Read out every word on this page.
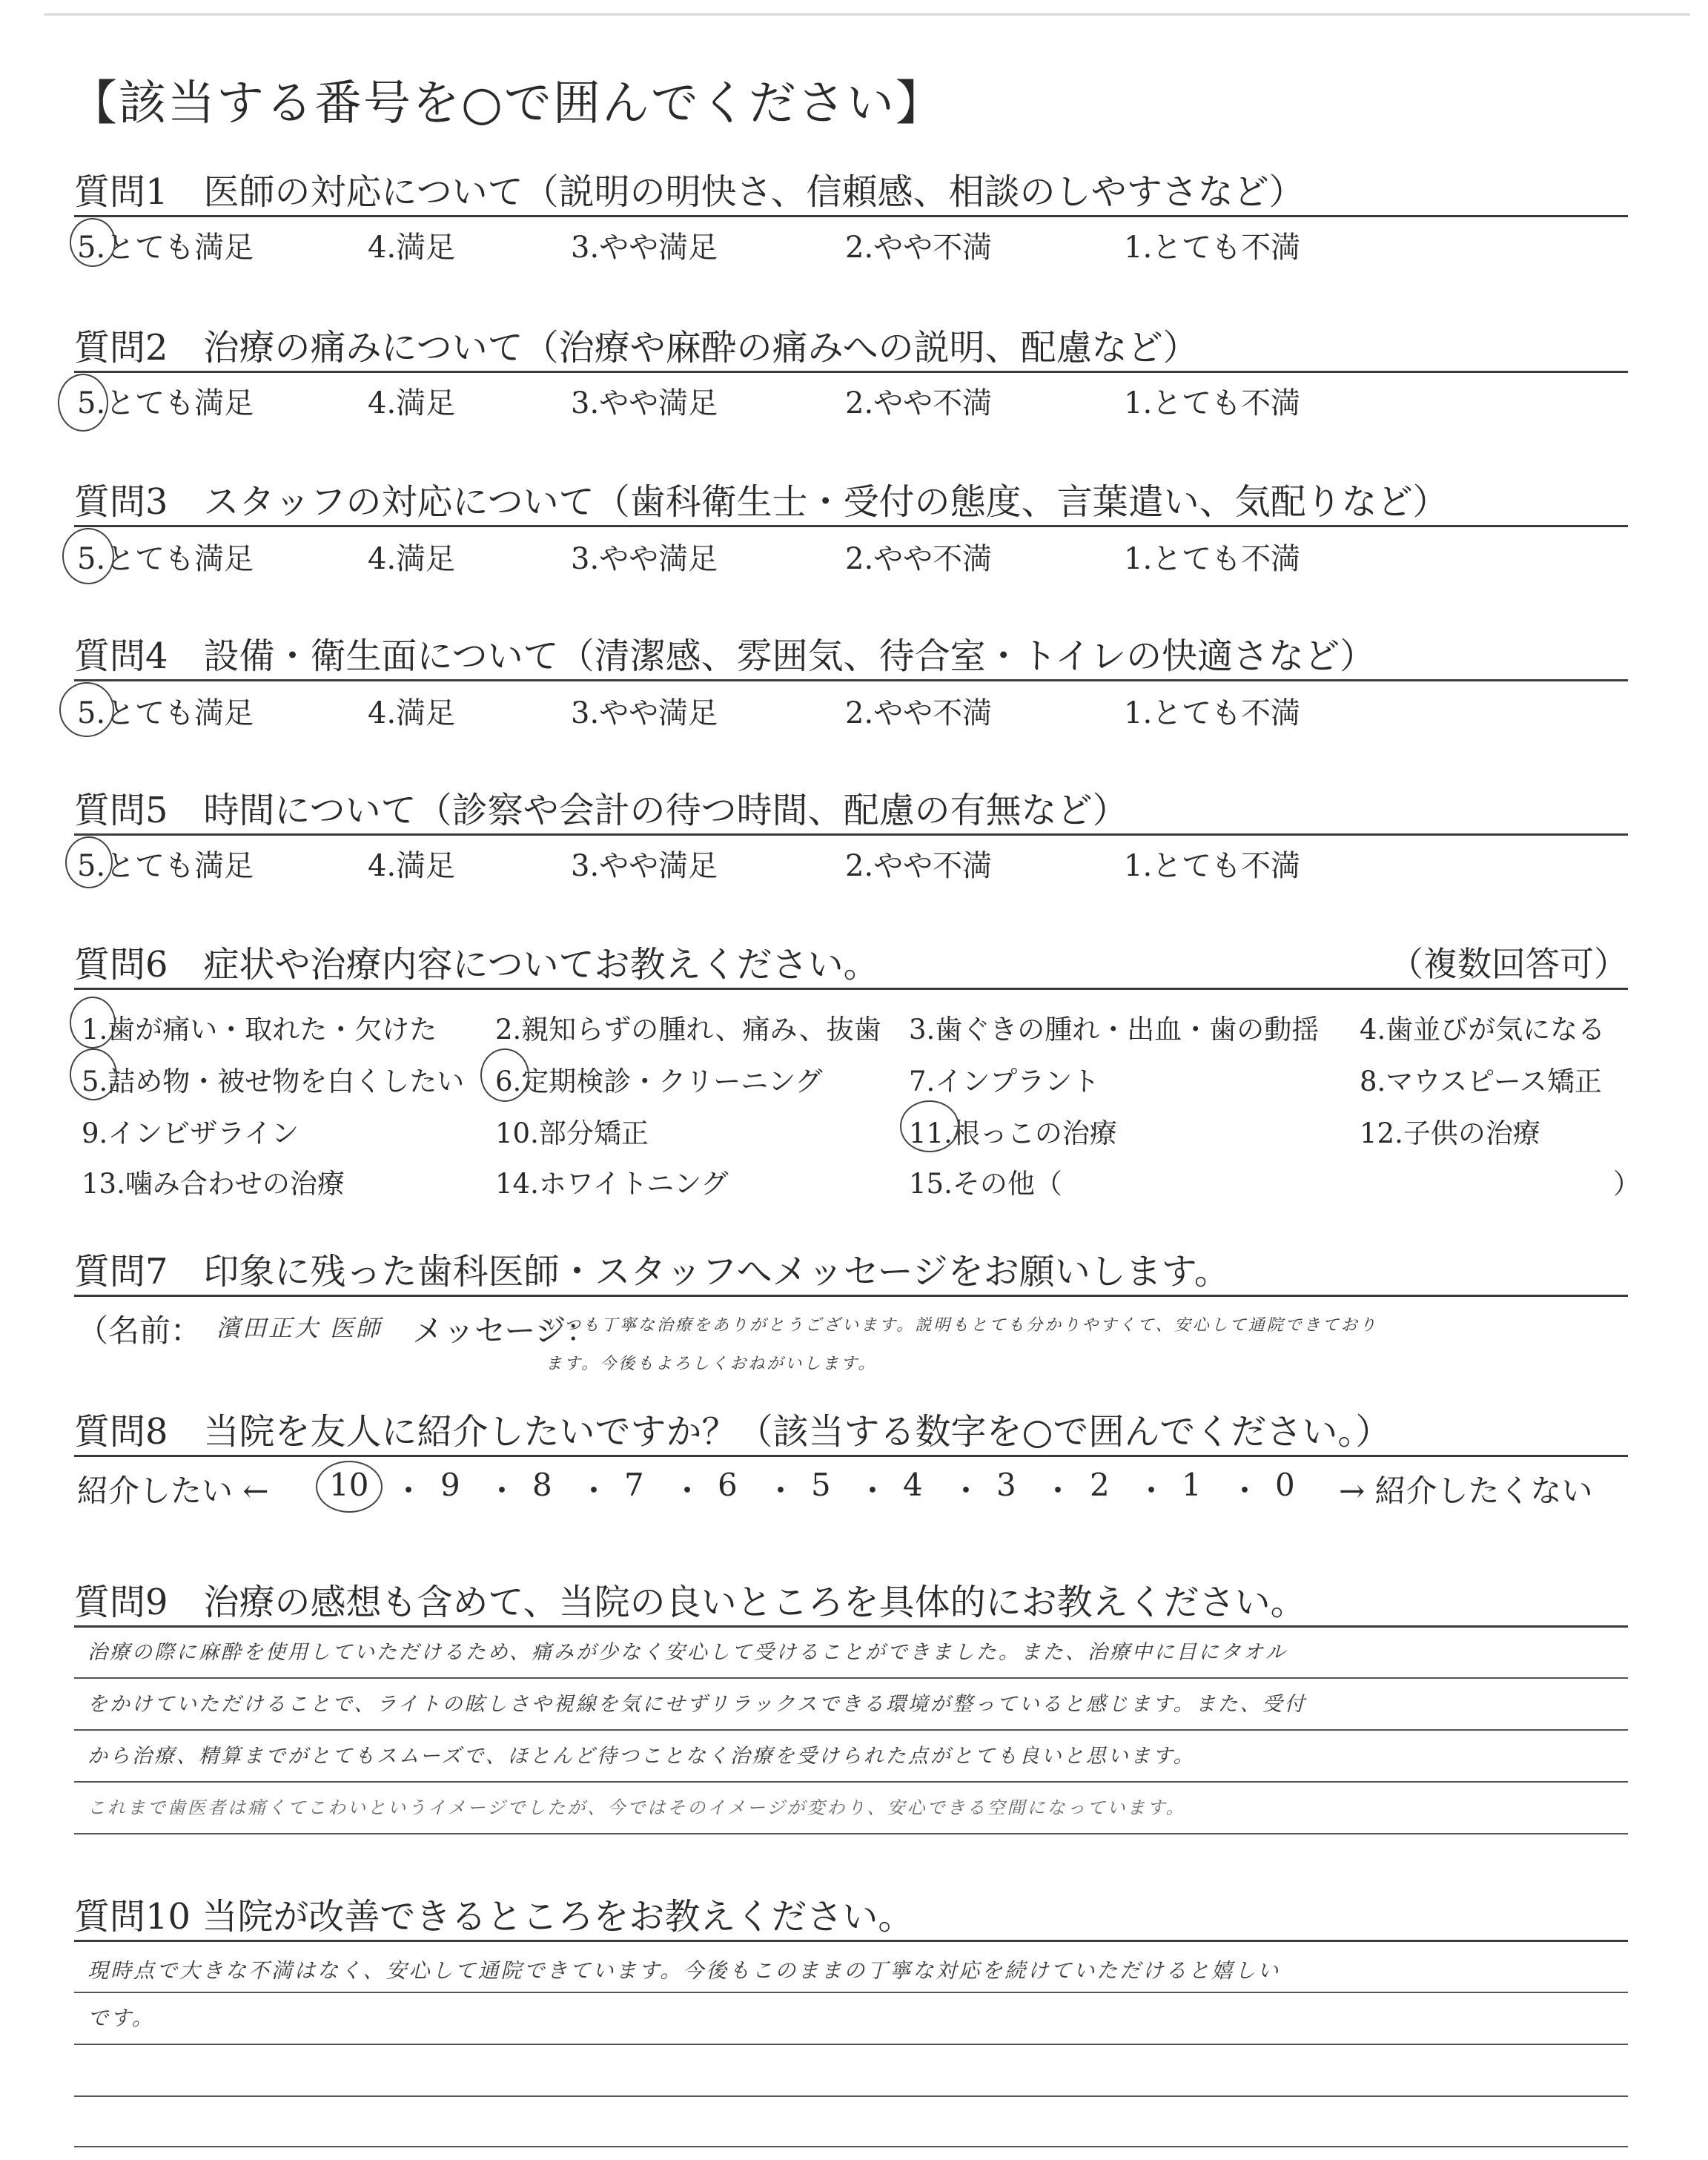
【該当する番号を○で囲んでください】
質問1　医師の対応について（説明の明快さ、信頼感、相談のしやすさなど）
5.とても満足	4.満足	3.やや満足	2.やや不満	1.とても不満
質問2　治療の痛みについて（治療や麻酔の痛みへの説明、配慮など）
5.とても満足	4.満足	3.やや満足	2.やや不満	1.とても不満
質問3　スタッフの対応について（歯科衛生士・受付の態度、言葉遣い、気配りなど）
5.とても満足	4.満足	3.やや満足	2.やや不満	1.とても不満
質問4　設備・衛生面について（清潔感、雰囲気、待合室・トイレの快適さなど）
5.とても満足	4.満足	3.やや満足	2.やや不満	1.とても不満
質問5　時間について（診察や会計の待つ時間、配慮の有無など）
5.とても満足	4.満足	3.やや満足	2.やや不満	1.とても不満
質問6　症状や治療内容についてお教えください。	（複数回答可）
1.歯が痛い・取れた・欠けた 2.親知らずの腫れ、痛み、抜歯 3.歯ぐきの腫れ・出血・歯の動揺 4.歯並びが気になる
5.詰め物・被せ物を白くしたい 6.定期検診・クリーニング	7.インプラント	8.マウスピース矯正
9.インビザライン	10.部分矯正	11.根っこの治療	12.子供の治療
13.噛み合わせの治療	14.ホワイトニング	15.その他（	）
質問7　印象に残った歯科医師・スタッフへメッセージをお願いします。
（名前： 濱田正大 医師 メッセージ：
いつも丁寧な治療をありがとうございます。説明もとても分かりやすくて、安心して通院できており
ます。今後もよろしくおねがいします。
質問8　当院を友人に紹介したいですか？（該当する数字を○で囲んでください。）
紹介したい ← 10 ・ 9 ・ 8 ・ 7 ・ 6 ・ 5 ・ 4 ・ 3 ・ 2 ・ 1 ・ 0 → 紹介したくない
質問9　治療の感想も含めて、当院の良いところを具体的にお教えください。
治療の際に麻酔を使用していただけるため、痛みが少なく安心して受けることができました。また、治療中に目にタオル
をかけていただけることで、ライトの眩しさや視線を気にせずリラックスできる環境が整っていると感じます。また、受付
から治療、精算までがとてもスムーズで、ほとんど待つことなく治療を受けられた点がとても良いと思います。
これまで歯医者は痛くてこわいというイメージでしたが、今ではそのイメージが変わり、安心できる空間になっています。
質問10 当院が改善できるところをお教えください。
現時点で大きな不満はなく、安心して通院できています。今後もこのままの丁寧な対応を続けていただけると嬉しい
です。
